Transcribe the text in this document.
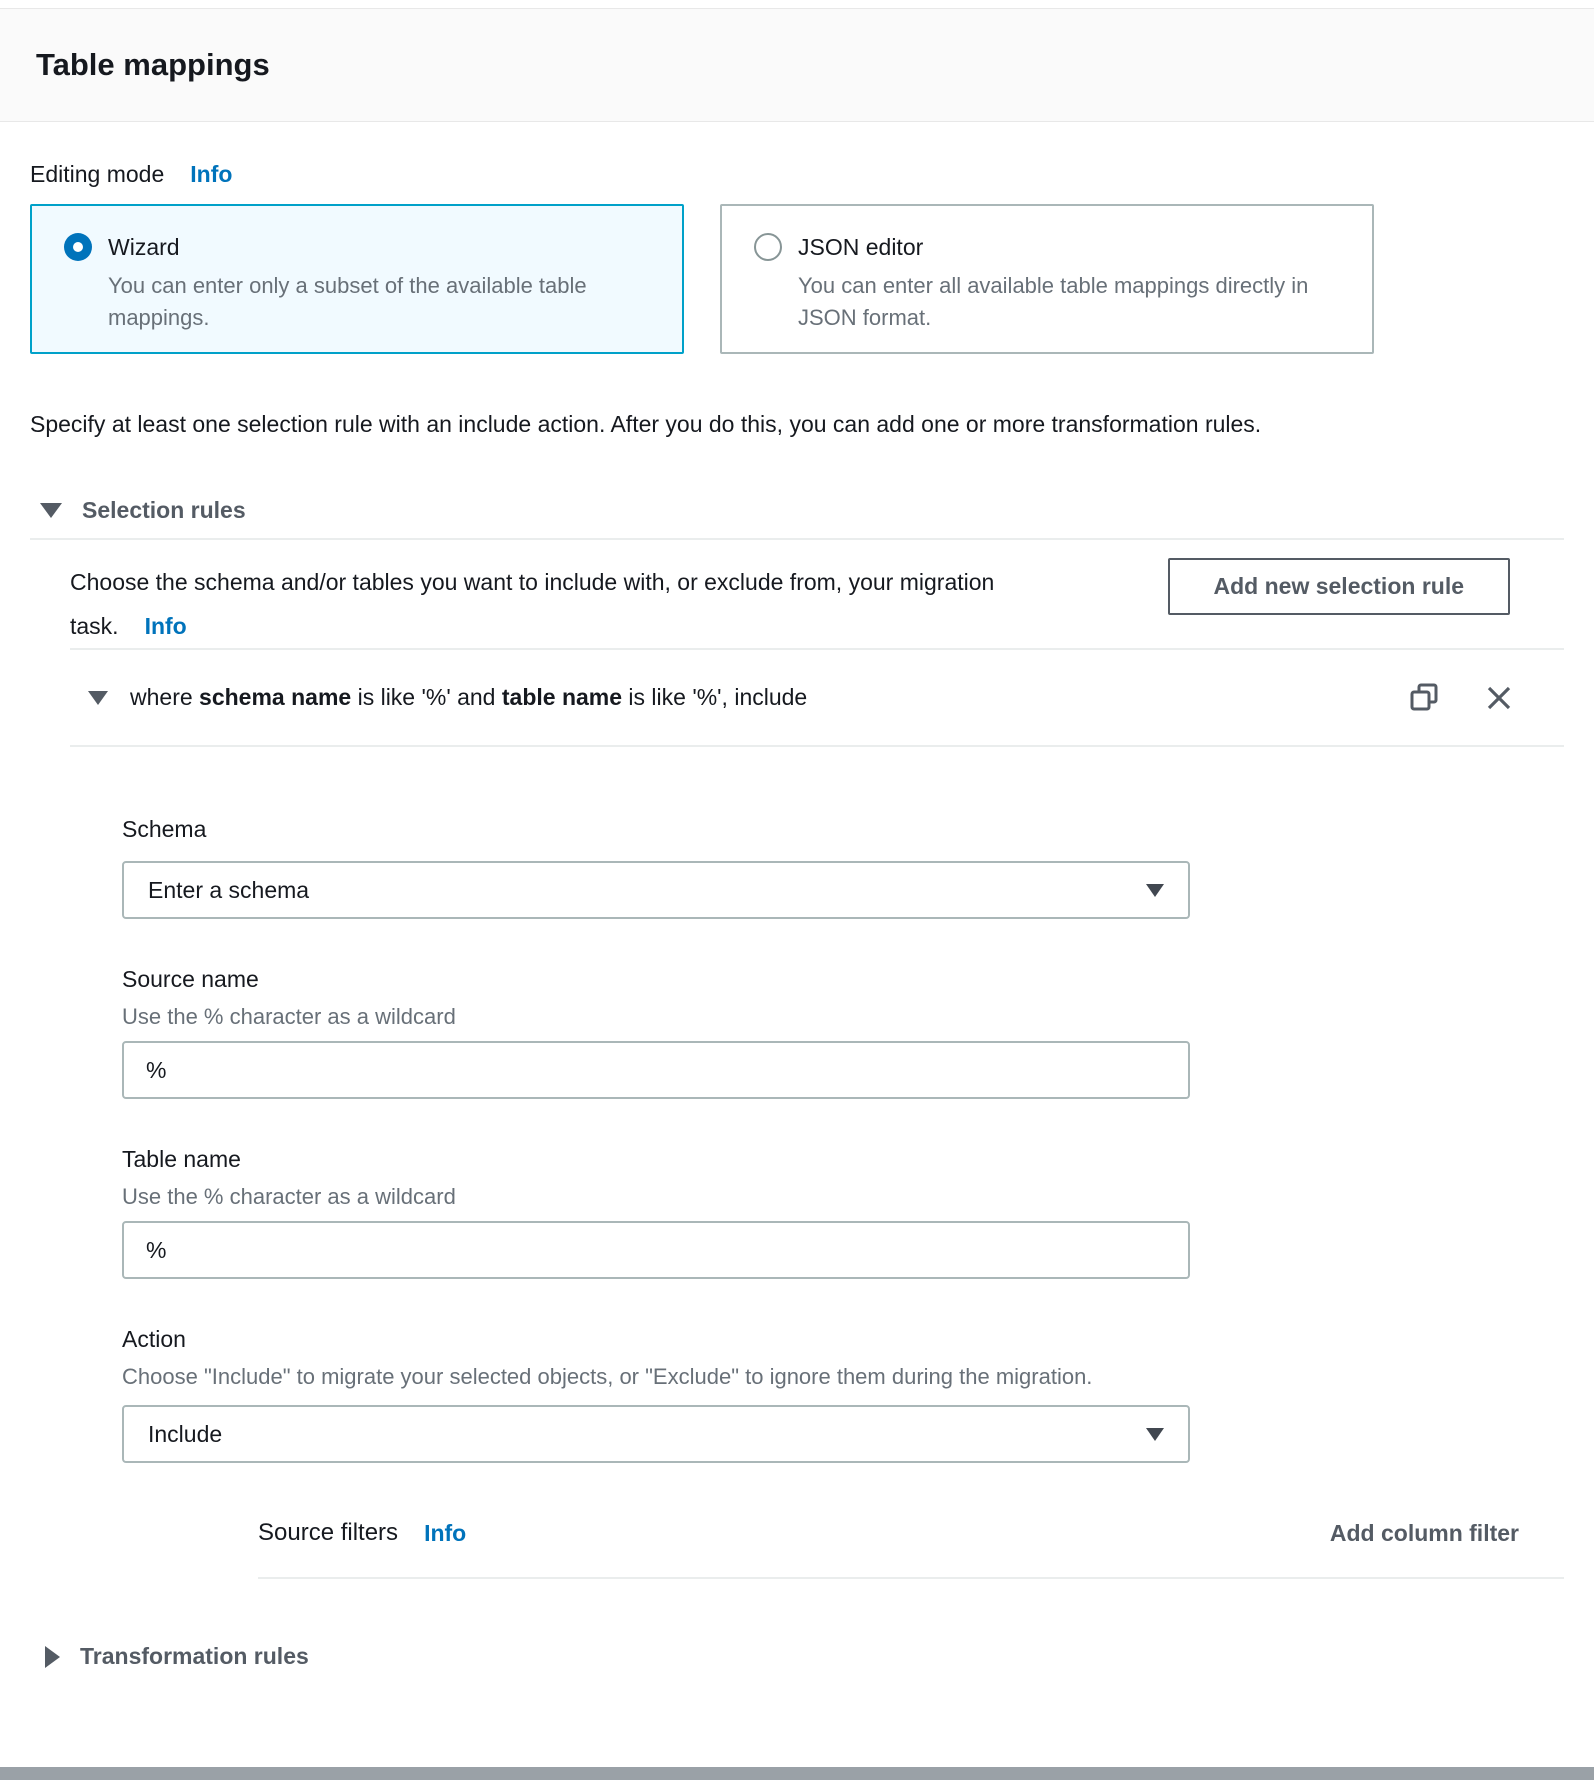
Table mappings
Editing mode Info
Wizard
You can enter only a subset of the available table mappings.
JSON editor
You can enter all available table mappings directly in JSON format.

Specify at least one selection rule with an include action. After you do this, you can add one or more transformation rules.

Selection rules

Choose the schema and/or tables you want to include with, or exclude from, your migration task. Info

Add new selection rule
where schema name is like '%' and table name is like '%', include
Schema
Enter a schema
Source name
Use the % character as a wildcard
%
Table name
Use the % character as a wildcard
%
Action
Choose "Include" to migrate your selected objects, or "Exclude" to ignore them during the migration.
Include
Source filters Info	Add column filter
Transformation rules
